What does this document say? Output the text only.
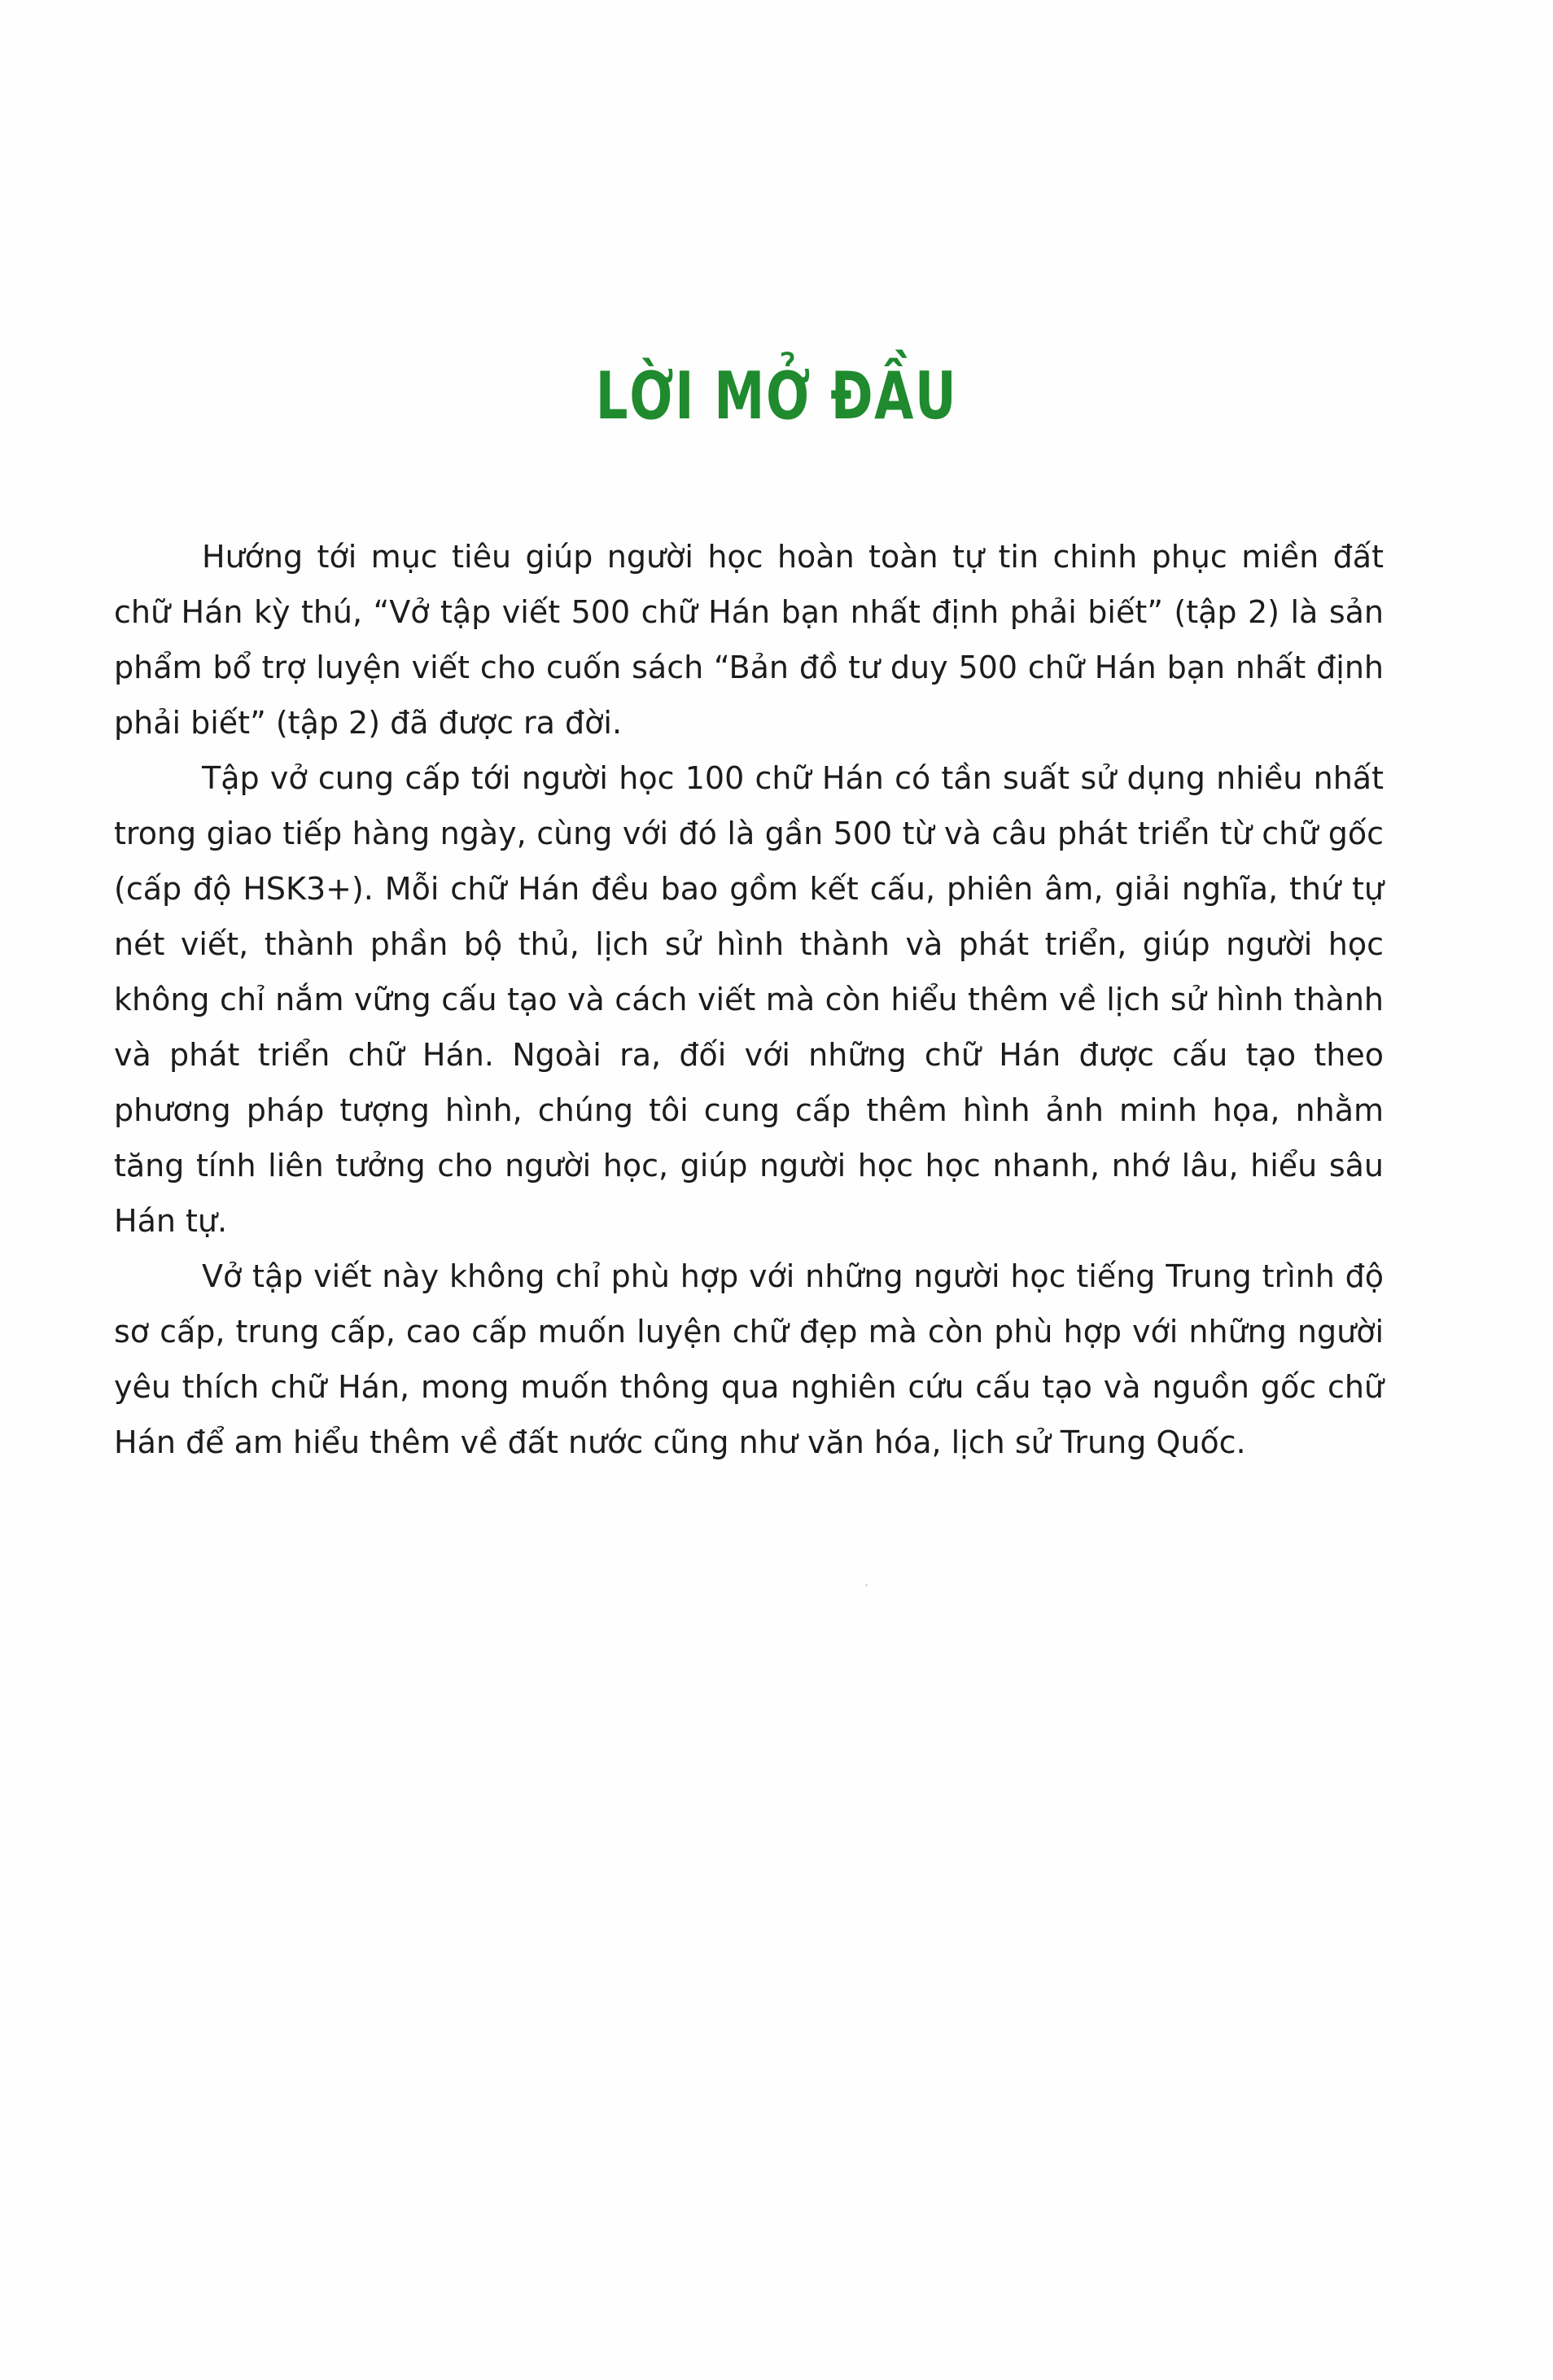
LỜI MỞ ĐẦU

Hướng tới mục tiêu giúp người học hoàn toàn tự tin chinh phục miền đất chữ Hán kỳ thú, “Vở tập viết 500 chữ Hán bạn nhất định phải biết” (tập 2) là sản phẩm bổ trợ luyện viết cho cuốn sách “Bản đồ tư duy 500 chữ Hán bạn nhất định phải biết” (tập 2) đã được ra đời.

Tập vở cung cấp tới người học 100 chữ Hán có tần suất sử dụng nhiều nhất trong giao tiếp hàng ngày, cùng với đó là gần 500 từ và câu phát triển từ chữ gốc (cấp độ HSK3+). Mỗi chữ Hán đều bao gồm kết cấu, phiên âm, giải nghĩa, thứ tự nét viết, thành phần bộ thủ, lịch sử hình thành và phát triển, giúp người học không chỉ nắm vững cấu tạo và cách viết mà còn hiểu thêm về lịch sử hình thành và phát triển chữ Hán. Ngoài ra, đối với những chữ Hán được cấu tạo theo phương pháp tượng hình, chúng tôi cung cấp thêm hình ảnh minh họa, nhằm tăng tính liên tưởng cho người học, giúp người học học nhanh, nhớ lâu, hiểu sâu Hán tự.

Vở tập viết này không chỉ phù hợp với những người học tiếng Trung trình độ sơ cấp, trung cấp, cao cấp muốn luyện chữ đẹp mà còn phù hợp với những người yêu thích chữ Hán, mong muốn thông qua nghiên cứu cấu tạo và nguồn gốc chữ Hán để am hiểu thêm về đất nước cũng như văn hóa, lịch sử Trung Quốc.
